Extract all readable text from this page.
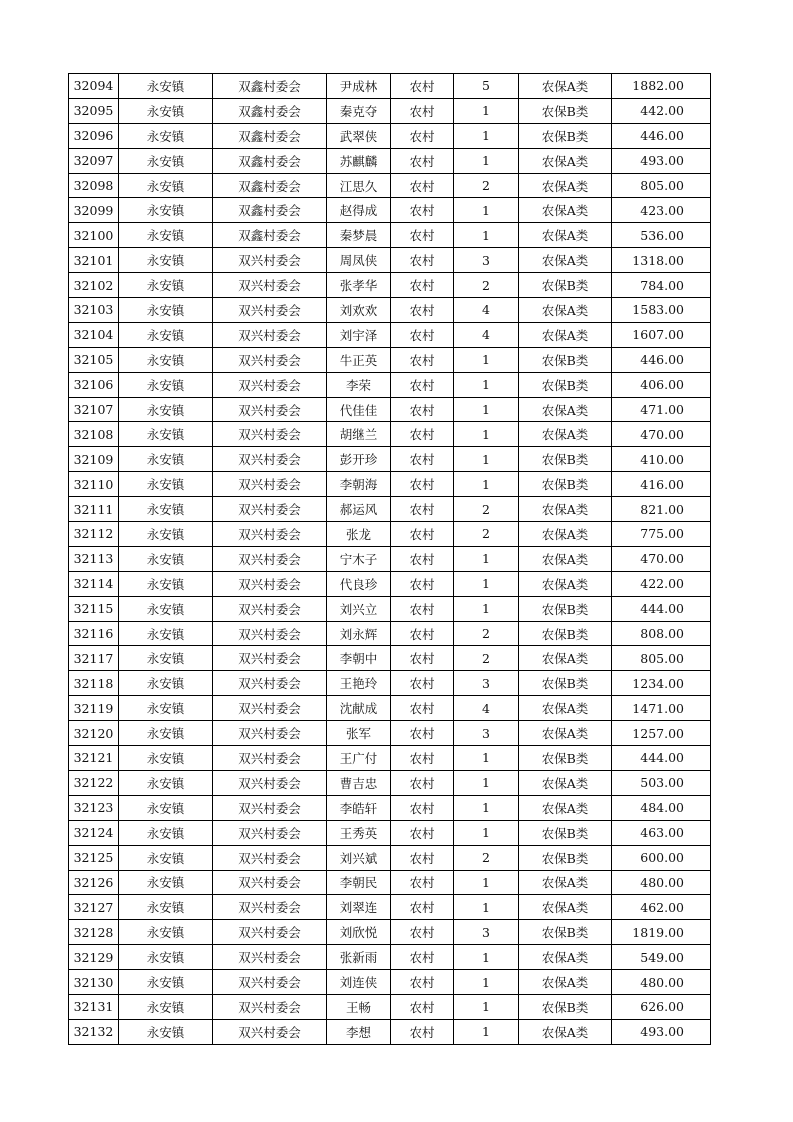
32094	永安镇	双鑫村委会	尹成林	农村	5	农保A类	1882.00
32095	永安镇	双鑫村委会	秦克夺	农村	1	农保B类	442.00
32096	永安镇	双鑫村委会	武翠侠	农村	1	农保B类	446.00
32097	永安镇	双鑫村委会	苏麒麟	农村	1	农保A类	493.00
32098	永安镇	双鑫村委会	江思久	农村	2	农保A类	805.00
32099	永安镇	双鑫村委会	赵得成	农村	1	农保A类	423.00
32100	永安镇	双鑫村委会	秦梦晨	农村	1	农保A类	536.00
32101	永安镇	双兴村委会	周凤侠	农村	3	农保A类	1318.00
32102	永安镇	双兴村委会	张孝华	农村	2	农保B类	784.00
32103	永安镇	双兴村委会	刘欢欢	农村	4	农保A类	1583.00
32104	永安镇	双兴村委会	刘宇泽	农村	4	农保A类	1607.00
32105	永安镇	双兴村委会	牛正英	农村	1	农保B类	446.00
32106	永安镇	双兴村委会	李荣	农村	1	农保B类	406.00
32107	永安镇	双兴村委会	代佳佳	农村	1	农保A类	471.00
32108	永安镇	双兴村委会	胡继兰	农村	1	农保A类	470.00
32109	永安镇	双兴村委会	彭开珍	农村	1	农保B类	410.00
32110	永安镇	双兴村委会	李朝海	农村	1	农保B类	416.00
32111	永安镇	双兴村委会	郝运风	农村	2	农保A类	821.00
32112	永安镇	双兴村委会	张龙	农村	2	农保A类	775.00
32113	永安镇	双兴村委会	宁木子	农村	1	农保A类	470.00
32114	永安镇	双兴村委会	代良珍	农村	1	农保A类	422.00
32115	永安镇	双兴村委会	刘兴立	农村	1	农保B类	444.00
32116	永安镇	双兴村委会	刘永辉	农村	2	农保B类	808.00
32117	永安镇	双兴村委会	李朝中	农村	2	农保A类	805.00
32118	永安镇	双兴村委会	王艳玲	农村	3	农保B类	1234.00
32119	永安镇	双兴村委会	沈献成	农村	4	农保A类	1471.00
32120	永安镇	双兴村委会	张军	农村	3	农保A类	1257.00
32121	永安镇	双兴村委会	王广付	农村	1	农保B类	444.00
32122	永安镇	双兴村委会	曹吉忠	农村	1	农保A类	503.00
32123	永安镇	双兴村委会	李皓轩	农村	1	农保A类	484.00
32124	永安镇	双兴村委会	王秀英	农村	1	农保B类	463.00
32125	永安镇	双兴村委会	刘兴斌	农村	2	农保B类	600.00
32126	永安镇	双兴村委会	李朝民	农村	1	农保A类	480.00
32127	永安镇	双兴村委会	刘翠连	农村	1	农保A类	462.00
32128	永安镇	双兴村委会	刘欣悦	农村	3	农保B类	1819.00
32129	永安镇	双兴村委会	张新雨	农村	1	农保A类	549.00
32130	永安镇	双兴村委会	刘连侠	农村	1	农保A类	480.00
32131	永安镇	双兴村委会	王畅	农村	1	农保B类	626.00
32132	永安镇	双兴村委会	李想	农村	1	农保A类	493.00
